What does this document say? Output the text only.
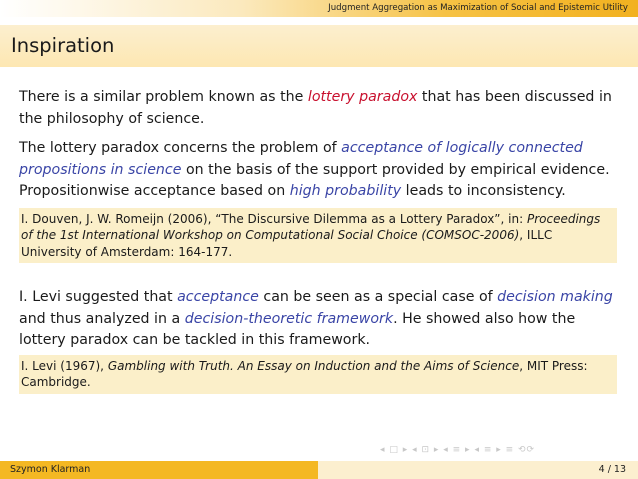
Judgment Aggregation as Maximization of Social and Epistemic Utility
Inspiration

There is a similar problem known as the lottery paradox that has been discussed in the philosophy of science.

The lottery paradox concerns the problem of acceptance of logically connected propositions in science on the basis of the support provided by empirical evidence. Propositionwise acceptance based on high probability leads to inconsistency.

I. Douven, J. W. Romeijn (2006), “The Discursive Dilemma as a Lottery Paradox”, in: Proceedings of the 1st International Workshop on Computational Social Choice (COMSOC-2006), ILLC University of Amsterdam: 164-177.

I. Levi suggested that acceptance can be seen as a special case of decision making and thus analyzed in a decision-theoretic framework. He showed also how the lottery paradox can be tackled in this framework.

I. Levi (1967), Gambling with Truth. An Essay on Induction and the Aims of Science, MIT Press: Cambridge.
◂ □ ▸ ◂ ⊡ ▸ ◂ ≡ ▸ ◂ ≡ ▸ ≡ ⟲⟳
Szymon Klarman	4 / 13
